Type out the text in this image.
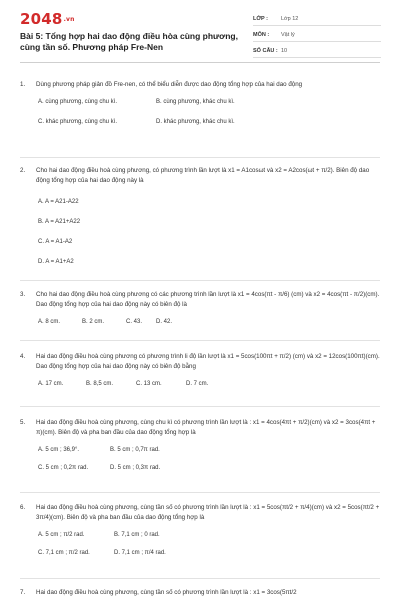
2048.vn
Bài 5: Tổng hợp hai dao động điều hòa cùng phương, cùng tần số. Phương pháp Fre-Nen
LỚP :	Lớp 12
MÔN :	Vật lý
SỐ CÂU : 10
1.	Dùng phương pháp giản đồ Fre-nen, có thể biểu diễn được dao động tổng hợp của hai dao động
A. cùng phương, cùng chu kì.	B. cùng phương, khác chu kì.
C. khác phương, cùng chu kì.	D. khác phương, khác chu kì.
2.	Cho hai dao động điều hoà cùng phương, có phương trình lần lượt là x1 = A1cosωt và x2 = A2cos(ωt + π/2). Biên độ dao động tổng hợp của hai dao động này là
A. A = A21-A22
B. A = A21+A22
C. A = A1-A2
D. A = A1+A2
3.	Cho hai dao động điều hoà cùng phương có các phương trình lần lượt là x1 = 4cos(πt - π/6) (cm) và x2 = 4cos(πt - π/2)(cm). Dao động tổng hợp của hai dao động này có biên độ là
A. 8 cm.	B. 2 cm.	C. 43.	D. 42.
4.	Hai dao động điều hoà cùng phương có phương trình li độ lần lượt là x1 = 5cos(100πt + π/2) (cm) và x2 = 12cos(100πt)(cm). Dao động tổng hợp của hai dao động này có biên độ bằng
A. 17 cm.	B. 8,5 cm.	C. 13 cm.	D. 7 cm.
5.	Hai dao động điều hoà cùng phương, cùng chu kì có phương trình lần lượt là : x1 = 4cos(4πt + π/2)(cm) và x2 = 3cos(4πt + π)(cm). Biên độ và pha ban đầu của dao động tổng hợp là
A. 5 cm ; 36,9°.	B. 5 cm ; 0,7π rad.
C. 5 cm ; 0,2π rad.	D. 5 cm ; 0,3π rad.
6.	Hai dao động điều hoà cùng phương, cùng tần số có phương trình lần lượt là : x1 = 5cos(πt/2 + π/4)(cm) và x2 = 5cos(πt/2 + 3π/4)(cm). Biên độ và pha ban đầu của dao động tổng hợp là
A. 5 cm ; π/2 rad.	B. 7,1 cm ; 0 rad.
C. 7,1 cm ; π/2 rad.	D. 7,1 cm ; π/4 rad.
7.	Hai dao động điều hoà cùng phương, cùng tần số có phương trình lần lượt là : x1 = 3cos(5πt/2
